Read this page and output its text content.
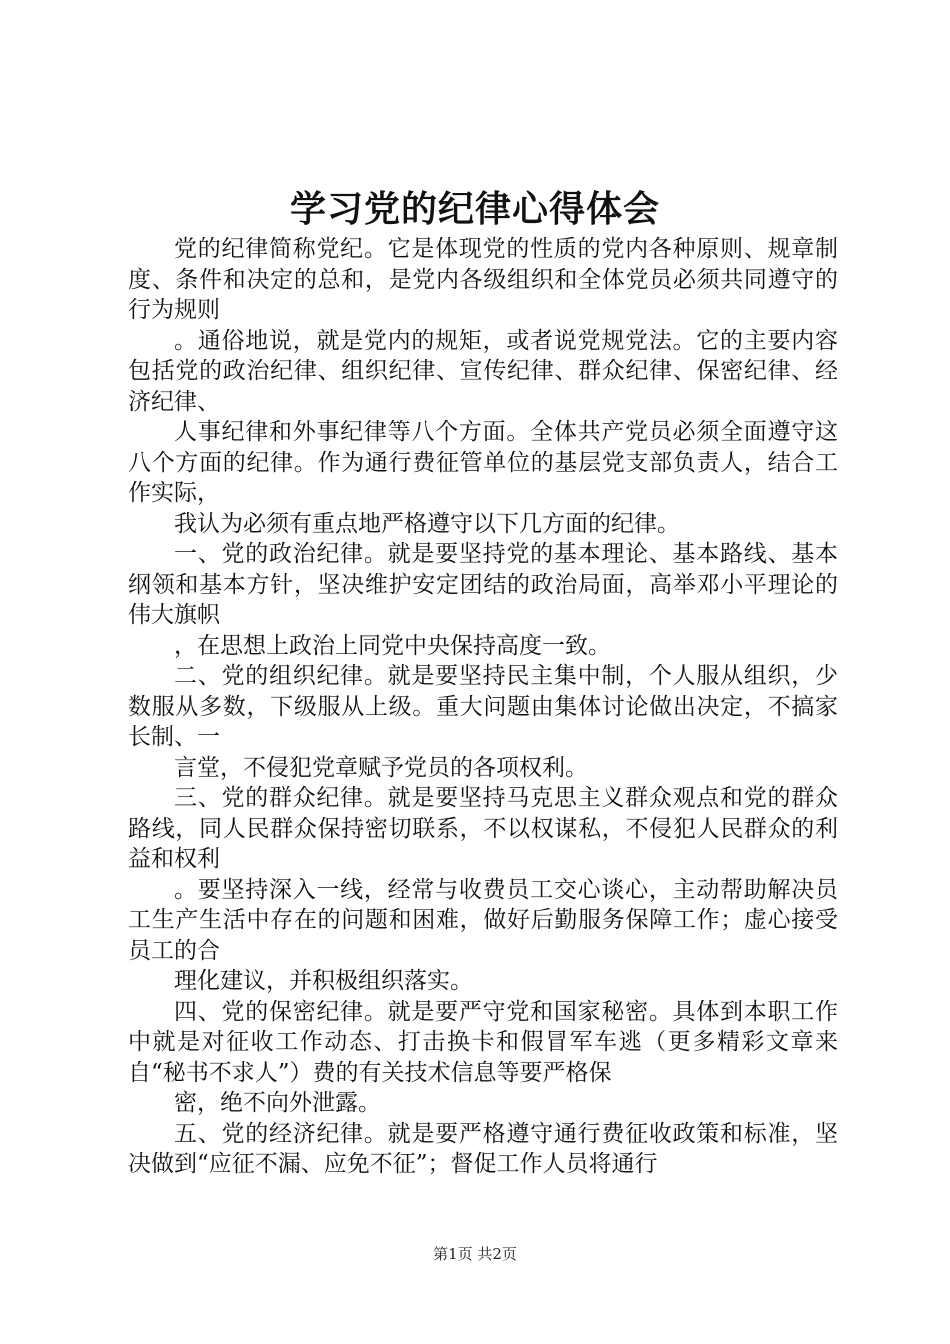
学习党的纪律心得体会

党的纪律简称党纪。它是体现党的性质的党内各种原则、规章制度、条件和决定的总和，是党内各级组织和全体党员必须共同遵守的行为规则

。通俗地说，就是党内的规矩，或者说党规党法。它的主要内容包括党的政治纪律、组织纪律、宣传纪律、群众纪律、保密纪律、经济纪律、

人事纪律和外事纪律等八个方面。全体共产党员必须全面遵守这八个方面的纪律。作为通行费征管单位的基层党支部负责人，结合工作实际，

我认为必须有重点地严格遵守以下几方面的纪律。

一、党的政治纪律。就是要坚持党的基本理论、基本路线、基本纲领和基本方针，坚决维护安定团结的政治局面，高举邓小平理论的伟大旗帜

，在思想上政治上同党中央保持高度一致。

二、党的组织纪律。就是要坚持民主集中制，个人服从组织，少数服从多数，下级服从上级。重大问题由集体讨论做出决定，不搞家长制、一

言堂，不侵犯党章赋予党员的各项权利。

三、党的群众纪律。就是要坚持马克思主义群众观点和党的群众路线，同人民群众保持密切联系，不以权谋私，不侵犯人民群众的利益和权利

。要坚持深入一线，经常与收费员工交心谈心，主动帮助解决员工生产生活中存在的问题和困难，做好后勤服务保障工作；虚心接受员工的合

理化建议，并积极组织落实。

四、党的保密纪律。就是要严守党和国家秘密。具体到本职工作中就是对征收工作动态、打击换卡和假冒军车逃（更多精彩文章来自“秘书不求人”）费的有关技术信息等要严格保

密，绝不向外泄露。

五、党的经济纪律。就是要严格遵守通行费征收政策和标准，坚决做到“应征不漏、应免不征”；督促工作人员将通行

第1页 共2页
